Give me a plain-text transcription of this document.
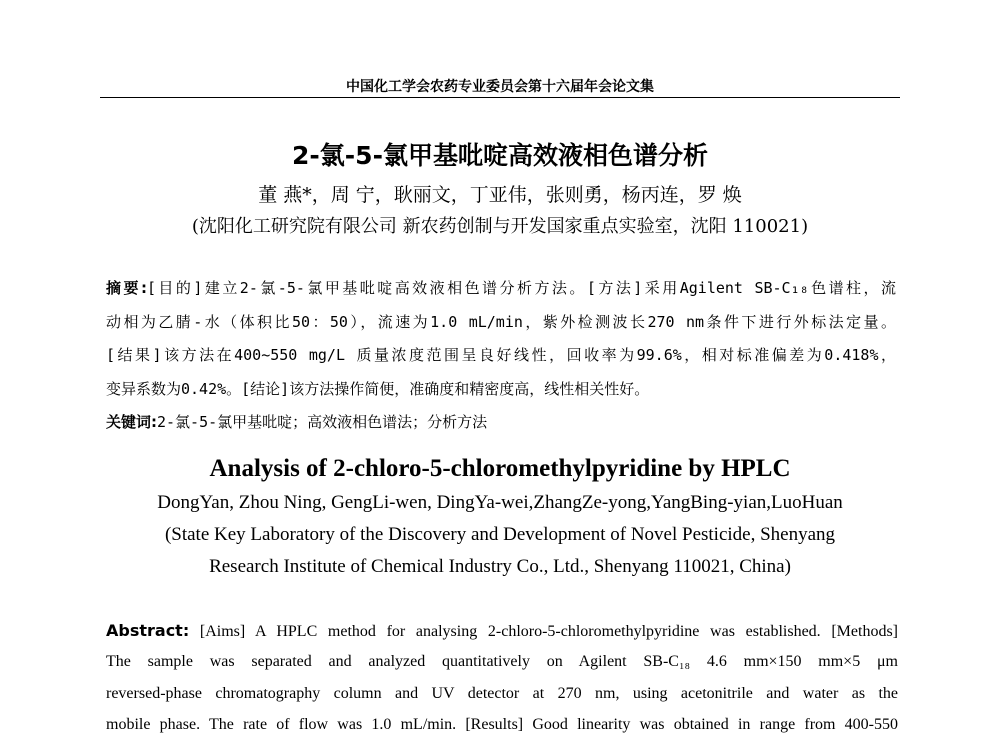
中国化工学会农药专业委员会第十六届年会论文集
2-氯-5-氯甲基吡啶高效液相色谱分析
董 燕*，周 宁，耿丽文，丁亚伟，张则勇，杨丙连，罗 焕
(沈阳化工研究院有限公司 新农药创制与开发国家重点实验室，沈阳 110021)
摘要:[目的]建立2-氯-5-氯甲基吡啶高效液相色谱分析方法。[方法]采用Agilent SB-C₁₈色谱柱，流
动相为乙腈-水（体积比50：50），流速为1.0 mL/min，紫外检测波长270 nm条件下进行外标法定量。
[结果]该方法在400~550 mg/L 质量浓度范围呈良好线性，回收率为99.6%，相对标准偏差为0.418%，
变异系数为0.42%。[结论]该方法操作简便，准确度和精密度高，线性相关性好。
关键词:2-氯-5-氯甲基吡啶；高效液相色谱法；分析方法
Analysis of 2-chloro-5-chloromethylpyridine by HPLC
DongYan, Zhou Ning, GengLi-wen, DingYa-wei,ZhangZe-yong,YangBing-yian,LuoHuan
(State Key Laboratory of the Discovery and Development of Novel Pesticide, Shenyang
Research Institute of Chemical Industry Co., Ltd., Shenyang 110021, China)
Abstract: [Aims] A HPLC method for analysing 2-chloro-5-chloromethylpyridine was established. [Methods]
The sample was separated and analyzed quantitatively on Agilent SB-C₁₈ 4.6 mm×150 mm×5 μm
reversed-phase chromatography column and UV detector at 270 nm, using acetonitrile and water as the
mobile phase. The rate of flow was 1.0 mL/min. [Results] Good linearity was obtained in range from 400-550
